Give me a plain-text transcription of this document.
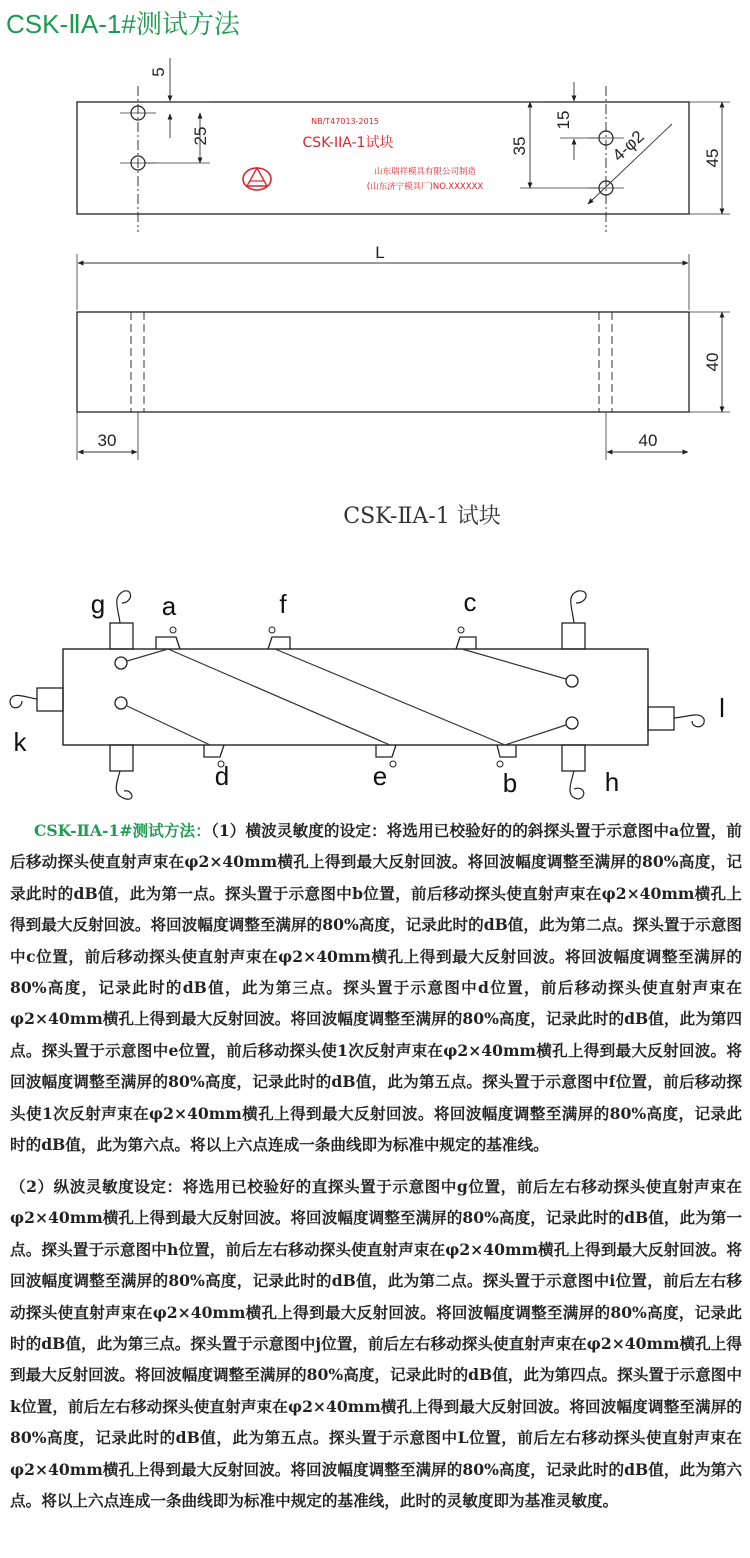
CSK-ⅡA-1#测试方法
5
25
NB/T47013-2015
CSK-IIA-1试块
山东瑞祥模具有限公司制造
(山东济宁模具厂)NO.XXXXXX
15
35	4-φ2	45
L
40
30	40
CSK-ⅡA-1 试块
g a	f	c
d	e	b	h
k
l

CSK-ⅡA-1#测试方法：（1）横波灵敏度的设定：将选用已校验好的的斜探头置于示意图中a位置，前后移动探头使直射声束在φ2×40mm横孔上得到最大反射回波。将回波幅度调整至满屏的80%高度，记录此时的dB值，此为第一点。探头置于示意图中b位置，前后移动探头使直射声束在φ2×40mm横孔上得到最大反射回波。将回波幅度调整至满屏的80%高度，记录此时的dB值，此为第二点。探头置于示意图中c位置，前后移动探头使直射声束在φ2×40mm横孔上得到最大反射回波。将回波幅度调整至满屏的80%高度，记录此时的dB值，此为第三点。探头置于示意图中d位置，前后移动探头使直射声束在φ2×40mm横孔上得到最大反射回波。将回波幅度调整至满屏的80%高度，记录此时的dB值，此为第四点。探头置于示意图中e位置，前后移动探头使1次反射声束在φ2×40mm横孔上得到最大反射回波。将回波幅度调整至满屏的80%高度，记录此时的dB值，此为第五点。探头置于示意图中f位置，前后移动探头使1次反射声束在φ2×40mm横孔上得到最大反射回波。将回波幅度调整至满屏的80%高度，记录此时的dB值，此为第六点。将以上六点连成一条曲线即为标准中规定的基准线。

（2）纵波灵敏度设定：将选用已校验好的直探头置于示意图中g位置，前后左右移动探头使直射声束在φ2×40mm横孔上得到最大反射回波。将回波幅度调整至满屏的80%高度，记录此时的dB值，此为第一点。探头置于示意图中h位置，前后左右移动探头使直射声束在φ2×40mm横孔上得到最大反射回波。将回波幅度调整至满屏的80%高度，记录此时的dB值，此为第二点。探头置于示意图中i位置，前后左右移动探头使直射声束在φ2×40mm横孔上得到最大反射回波。将回波幅度调整至满屏的80%高度，记录此时的dB值，此为第三点。探头置于示意图中j位置，前后左右移动探头使直射声束在φ2×40mm横孔上得到最大反射回波。将回波幅度调整至满屏的80%高度，记录此时的dB值，此为第四点。探头置于示意图中k位置，前后左右移动探头使直射声束在φ2×40mm横孔上得到最大反射回波。将回波幅度调整至满屏的80%高度，记录此时的dB值，此为第五点。探头置于示意图中L位置，前后左右移动探头使直射声束在φ2×40mm横孔上得到最大反射回波。将回波幅度调整至满屏的80%高度，记录此时的dB值，此为第六点。将以上六点连成一条曲线即为标准中规定的基准线，此时的灵敏度即为基准灵敏度。
